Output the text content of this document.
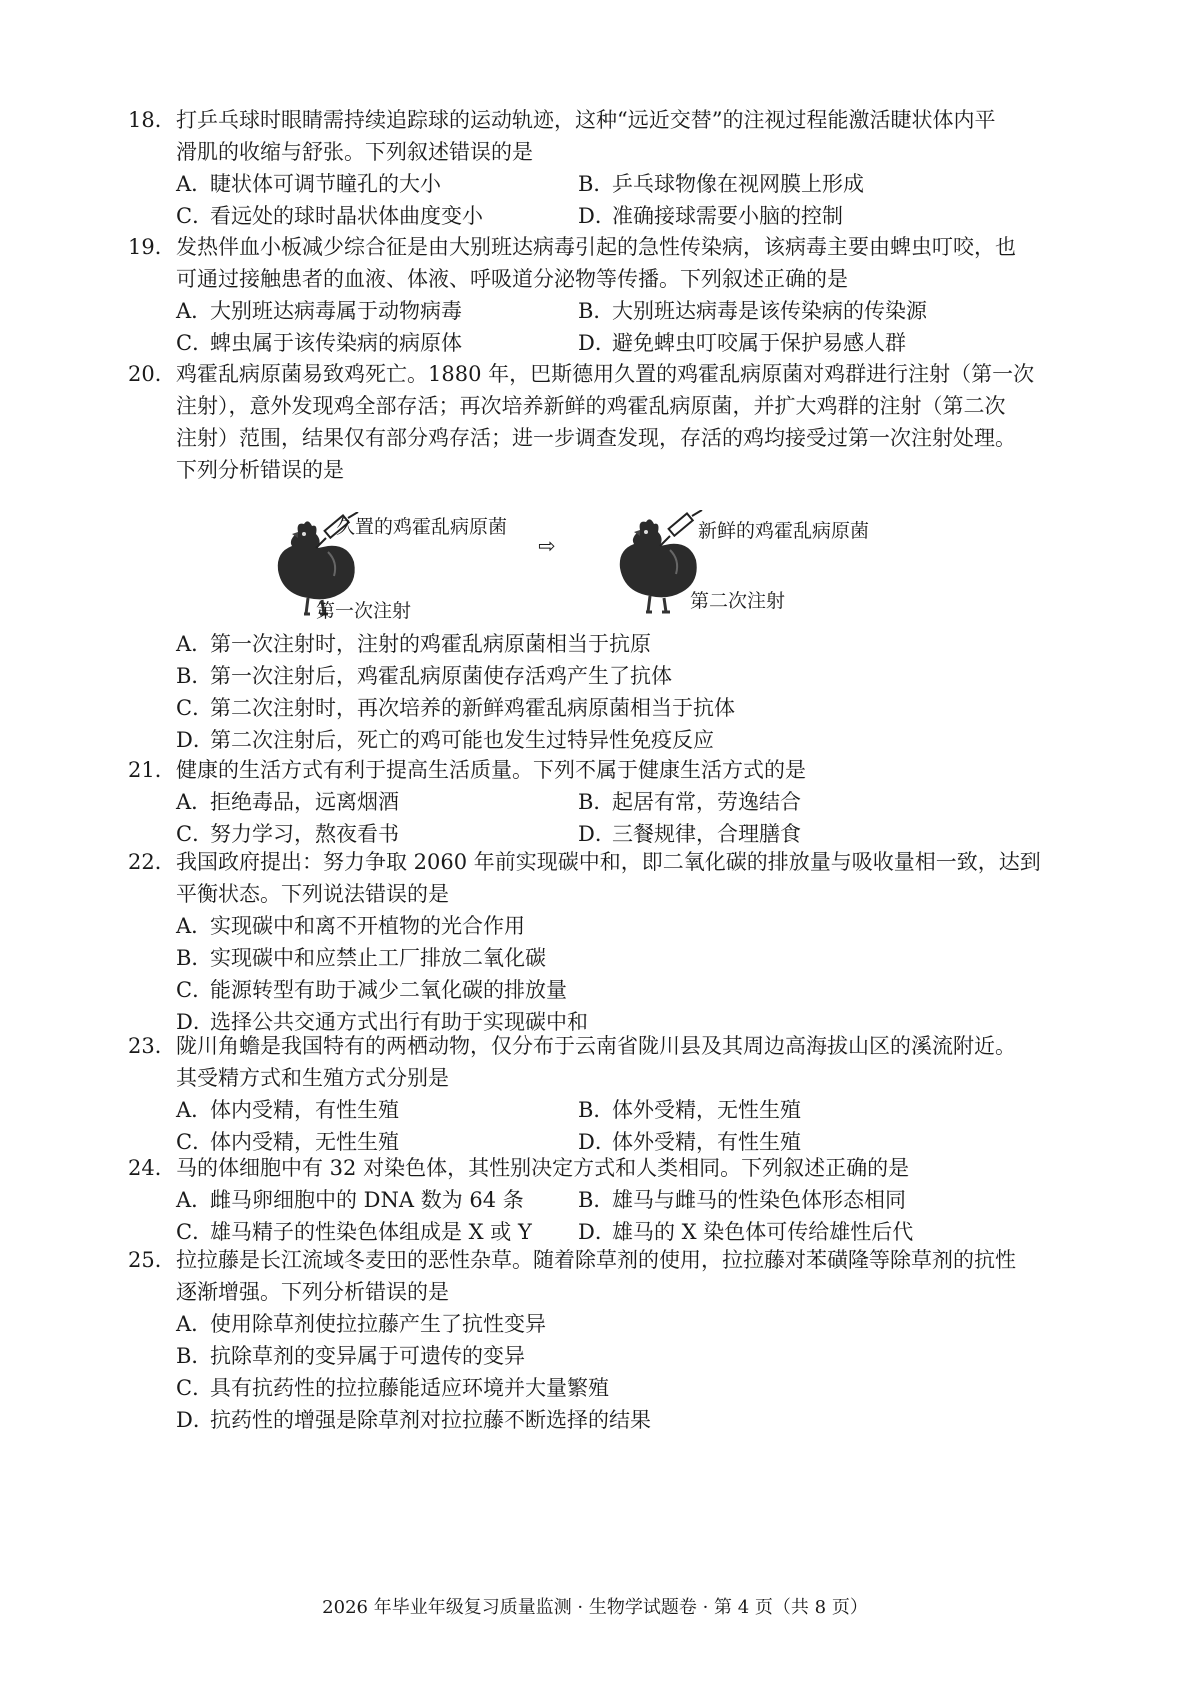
18． 打乒乓球时眼睛需持续追踪球的运动轨迹，这种“远近交替”的注视过程能激活睫状体内平
滑肌的收缩与舒张。下列叙述错误的是
A．睫状体可调节瞳孔的大小	B．乒乓球物像在视网膜上形成
C．看远处的球时晶状体曲度变小	D．准确接球需要小脑的控制
19． 发热伴血小板减少综合征是由大别班达病毒引起的急性传染病，该病毒主要由蜱虫叮咬，也
可通过接触患者的血液、体液、呼吸道分泌物等传播。下列叙述正确的是
A．大别班达病毒属于动物病毒	B．大别班达病毒是该传染病的传染源
C．蜱虫属于该传染病的病原体	D．避免蜱虫叮咬属于保护易感人群
20． 鸡霍乱病原菌易致鸡死亡。1880 年，巴斯德用久置的鸡霍乱病原菌对鸡群进行注射（第一次
注射），意外发现鸡全部存活；再次培养新鲜的鸡霍乱病原菌，并扩大鸡群的注射（第二次
注射）范围，结果仅有部分鸡存活；进一步调查发现，存活的鸡均接受过第一次注射处理。
下列分析错误的是
久置的鸡霍乱病原菌
第一次注射
⇨	新鲜的鸡霍乱病原菌
第二次注射
A．第一次注射时，注射的鸡霍乱病原菌相当于抗原
B．第一次注射后，鸡霍乱病原菌使存活鸡产生了抗体
C．第二次注射时，再次培养的新鲜鸡霍乱病原菌相当于抗体
D．第二次注射后，死亡的鸡可能也发生过特异性免疫反应
21． 健康的生活方式有利于提高生活质量。下列不属于健康生活方式的是
A．拒绝毒品，远离烟酒	B．起居有常，劳逸结合
C．努力学习，熬夜看书	D．三餐规律，合理膳食
22． 我国政府提出：努力争取 2060 年前实现碳中和，即二氧化碳的排放量与吸收量相一致，达到
平衡状态。下列说法错误的是
A．实现碳中和离不开植物的光合作用
B．实现碳中和应禁止工厂排放二氧化碳
C．能源转型有助于减少二氧化碳的排放量
D．选择公共交通方式出行有助于实现碳中和
23． 陇川角蟾是我国特有的两栖动物，仅分布于云南省陇川县及其周边高海拔山区的溪流附近。
其受精方式和生殖方式分别是
A．体内受精，有性生殖	B．体外受精，无性生殖
C．体内受精，无性生殖	D．体外受精，有性生殖
24． 马的体细胞中有 32 对染色体，其性别决定方式和人类相同。下列叙述正确的是
A．雌马卵细胞中的 DNA 数为 64 条	B．雄马与雌马的性染色体形态相同
C．雄马精子的性染色体组成是 X 或 Y	D．雄马的 X 染色体可传给雄性后代
25． 拉拉藤是长江流域冬麦田的恶性杂草。随着除草剂的使用，拉拉藤对苯磺隆等除草剂的抗性
逐渐增强。下列分析错误的是
A．使用除草剂使拉拉藤产生了抗性变异
B．抗除草剂的变异属于可遗传的变异
C．具有抗药性的拉拉藤能适应环境并大量繁殖
D．抗药性的增强是除草剂对拉拉藤不断选择的结果
2026 年毕业年级复习质量监测 · 生物学试题卷 · 第 4 页（共 8 页）
